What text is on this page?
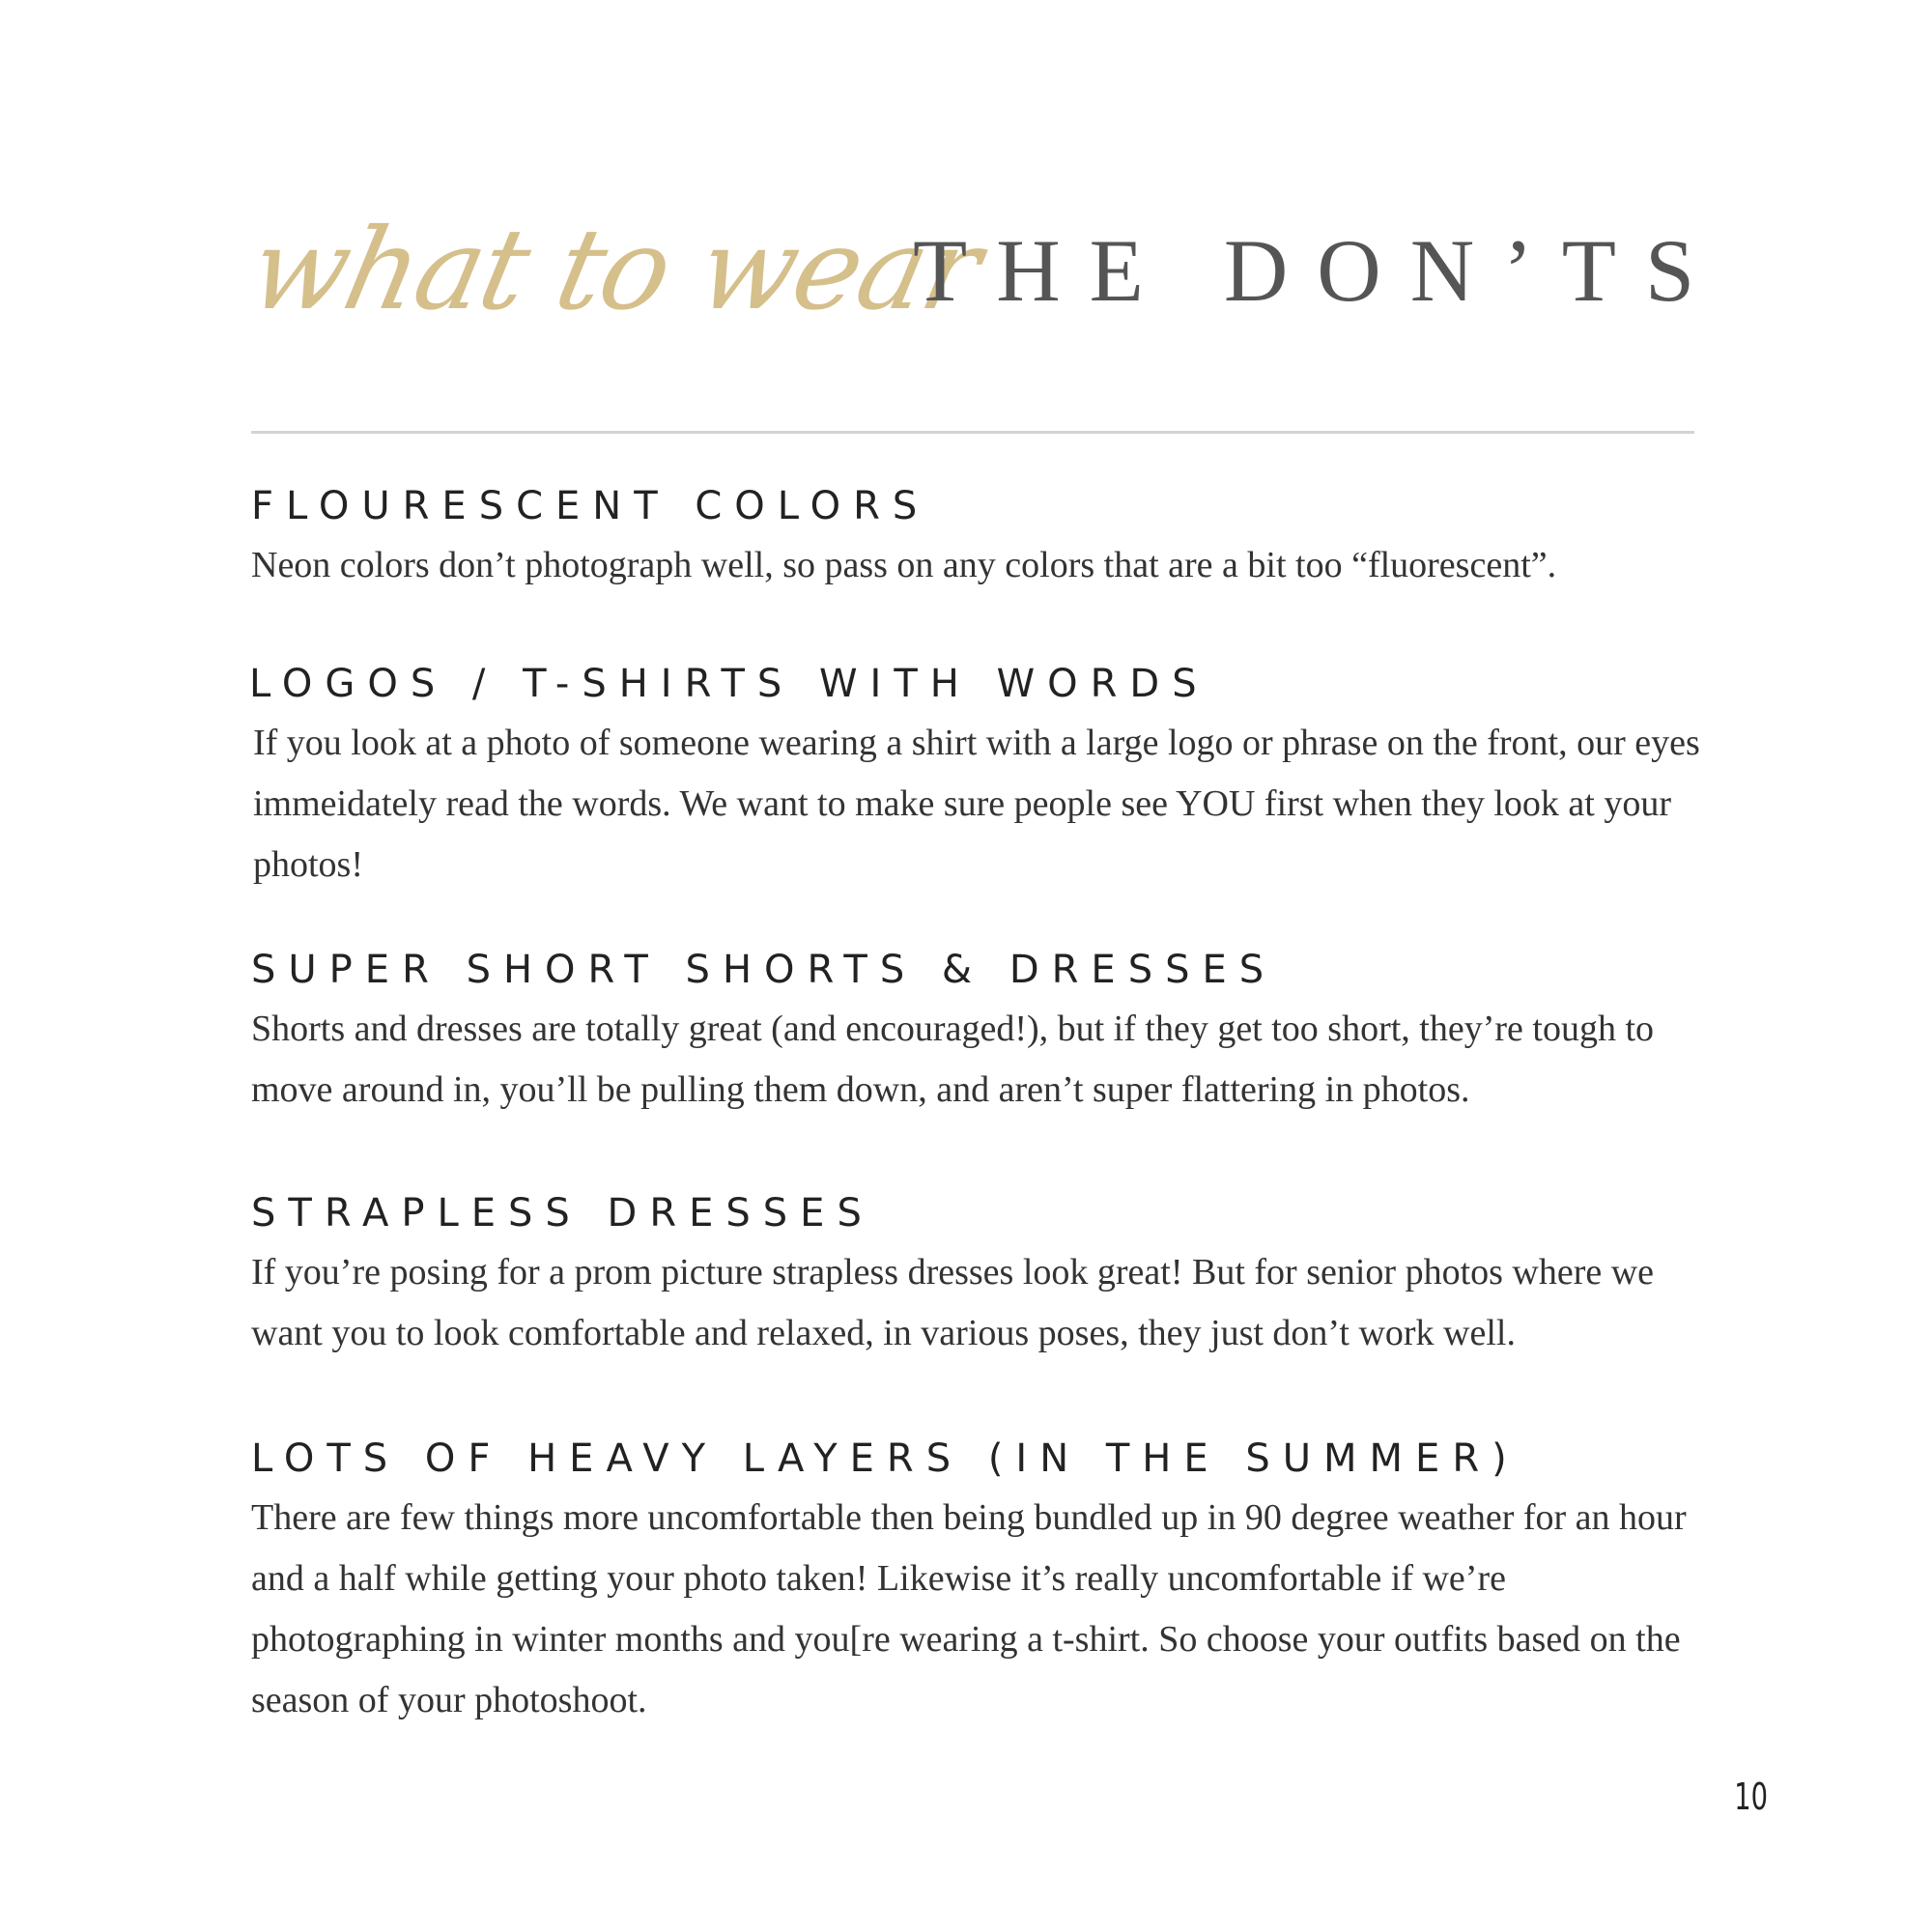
what to wear
THE DON’TS
FLOURESCENT COLORS
Neon colors don’t photograph well, so pass on any colors that are a bit too “fluorescent”.
LOGOS / T-SHIRTS WITH WORDS
If you look at a photo of someone wearing a shirt with a large logo or phrase on the front, our eyes immeidately read the words. We want to make sure people see YOU first when they look at your photos!
SUPER SHORT SHORTS & DRESSES
Shorts and dresses are totally great (and encouraged!), but if they get too short, they’re tough to move around in, you’ll be pulling them down, and aren’t super flattering in photos.
STRAPLESS DRESSES
If you’re posing for a prom picture strapless dresses look great! But for senior photos where we want you to look comfortable and relaxed, in various poses, they just don’t work well.
LOTS OF HEAVY LAYERS (IN THE SUMMER)
There are few things more uncomfortable then being bundled up in 90 degree weather for an hour and a half while getting your photo taken! Likewise it’s really uncomfortable if we’re photographing in winter months and you[re wearing a t-shirt. So choose your outfits based on the season of your photoshoot.
10
